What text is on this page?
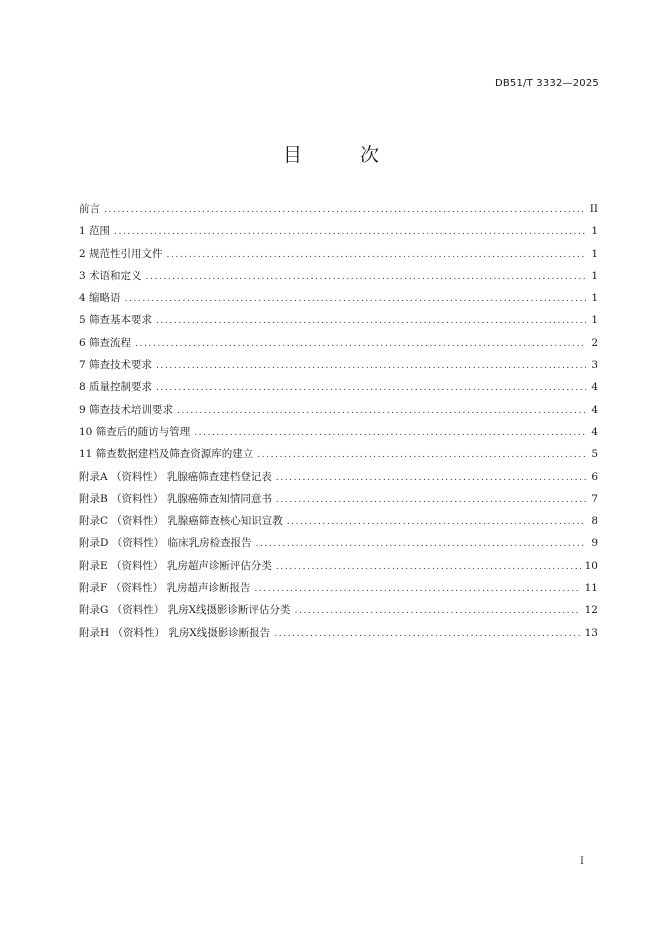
DB51/T 3332—2025
目 次
前言 .....	II
1 范围 .....	1
2 规范性引用文件 .....	1
3 术语和定义 .....	1
4 缩略语 .....	1
5 筛查基本要求 .....	1
6 筛查流程 .....	2
7 筛查技术要求 .....	3
8 质量控制要求 .....	4
9 筛查技术培训要求 .....	4
10 筛查后的随访与管理 .....	4
11 筛查数据建档及筛查资源库的建立 .....	5
附录A （资料性） 乳腺癌筛查建档登记表 .....	6
附录B （资料性） 乳腺癌筛查知情同意书 .....	7
附录C （资料性） 乳腺癌筛查核心知识宣教 .....	8
附录D （资料性） 临床乳房检查报告 .....	9
附录E （资料性） 乳房超声诊断评估分类 .....	10
附录F （资料性） 乳房超声诊断报告 .....	11
附录G （资料性） 乳房X线摄影诊断评估分类 .....	12
附录H （资料性） 乳房X线摄影诊断报告 .....	13
I
